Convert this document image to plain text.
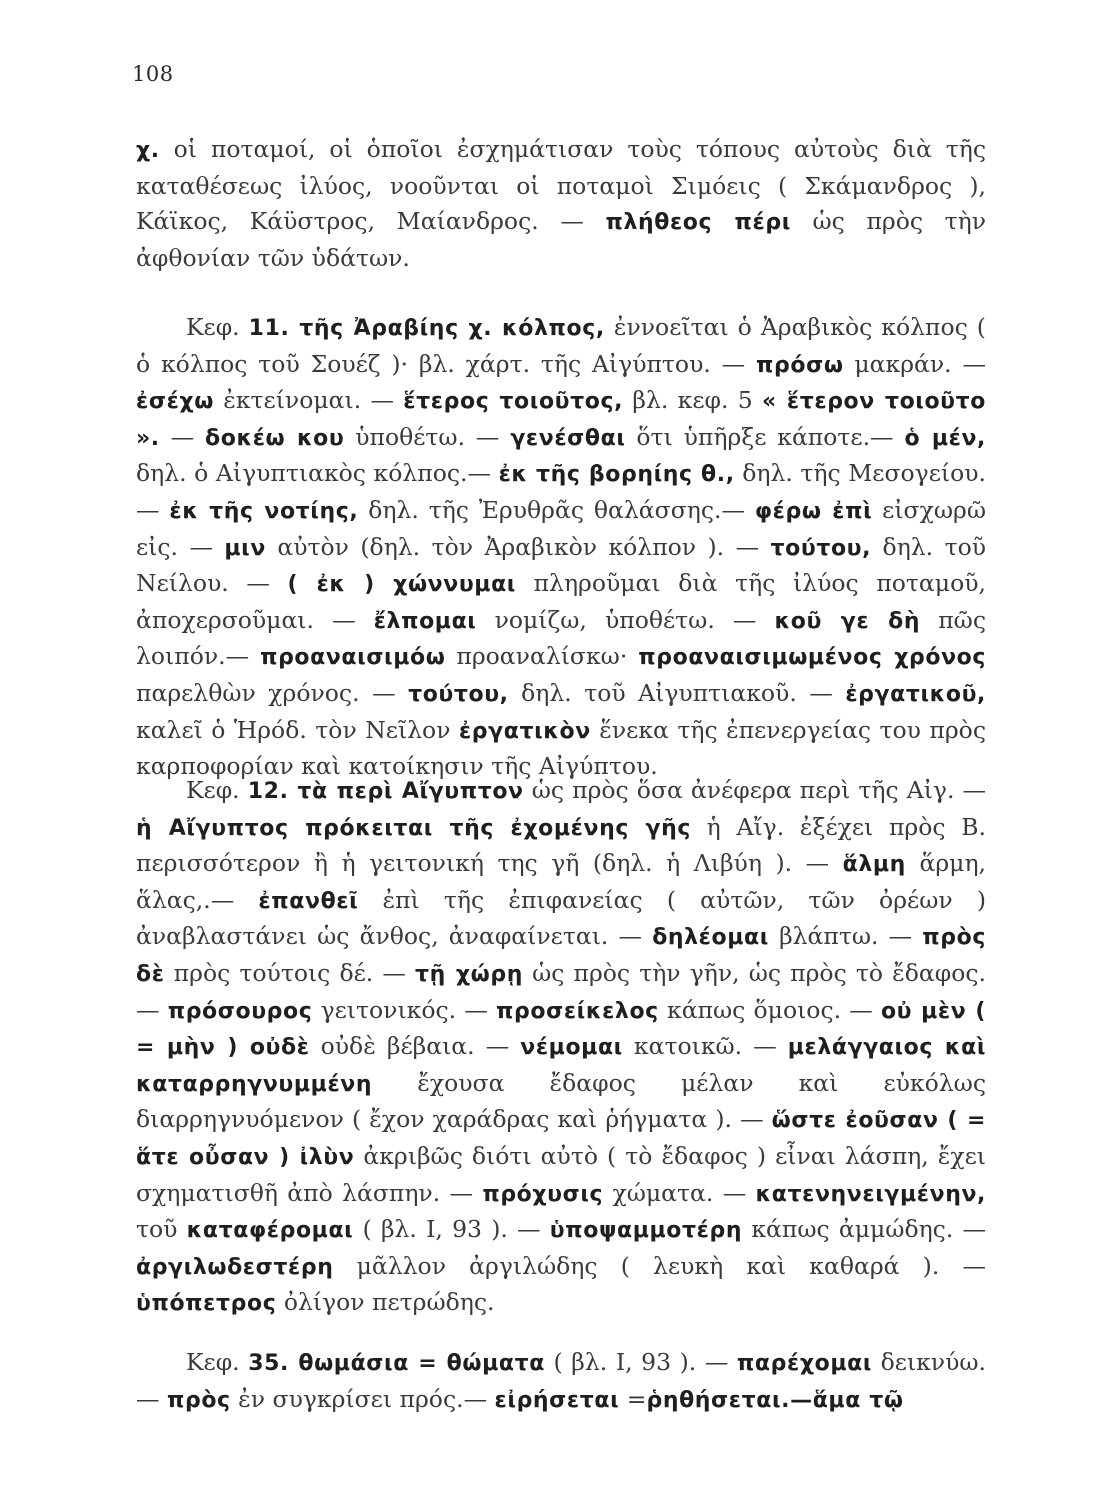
108

χ. οἱ ποταμοί, οἱ ὁποῖοι ἐσχημάτισαν τοὺς τόπους αὐτοὺς διὰ τῆς καταθέσεως ἰλύος, νοοῦνται οἱ ποταμοὶ Σιμόεις ( Σκάμανδρος ), Κάϊκος, Κάϋστρος, Μαίανδρος. — πλήθεος πέρι ὡς πρὸς τὴν ἀφθονίαν τῶν ὑδάτων.

Κεφ. 11. τῆς Ἀραβίης χ. κόλπος, ἐννοεῖται ὁ Ἀραβικὸς κόλπος ( ὁ κόλπος τοῦ Σουέζ )· βλ. χάρτ. τῆς Αἰγύπτου. — πρόσω μακράν. — ἐσέχω ἐκτείνομαι. — ἕτερος τοιοῦτος, βλ. κεφ. 5 « ἕτερον τοιοῦτο ». — δοκέω κου ὑποθέτω. — γενέσθαι ὅτι ὑπῆρξε κάποτε.— ὁ μέν, δηλ. ὁ Αἰγυπτιακὸς κόλπος.— ἐκ τῆς βορηίης θ., δηλ. τῆς Μεσογείου. — ἐκ τῆς νοτίης, δηλ. τῆς Ἐρυθρᾶς θαλάσσης.— φέρω ἐπὶ εἰσχωρῶ εἰς. — μιν αὐτὸν (δηλ. τὸν Ἀραβικὸν κόλπον ). — τούτου, δηλ. τοῦ Νείλου. — ( ἐκ ) χώννυμαι πληροῦμαι διὰ τῆς ἰλύος ποταμοῦ, ἀποχερσοῦμαι. — ἔλπομαι νομίζω, ὑποθέτω. — κοῦ γε δὴ πῶς λοιπόν.— προαναισιμόω προαναλίσκω· προαναισιμωμένος χρόνος παρελθὼν χρόνος. — τούτου, δηλ. τοῦ Αἰγυπτιακοῦ. — ἐργατικοῦ, καλεῖ ὁ Ἡρόδ. τὸν Νεῖλον ἐργατικὸν ἕνεκα τῆς ἐπενεργείας του πρὸς καρποφορίαν καὶ κατοίκησιν τῆς Αἰγύπτου.

Κεφ. 12. τὰ περὶ Αἴγυπτον ὡς πρὸς ὅσα ἀνέφερα περὶ τῆς Αἰγ. — ἡ Αἴγυπτος πρόκειται τῆς ἐχομένης γῆς ἡ Αἴγ. ἐξέχει πρὸς Β. περισσότερον ἢ ἡ γειτονική της γῆ (δηλ. ἡ Λιβύη ). — ἅλμη ἅρμη, ἅλας,.— ἐπανθεῖ ἐπὶ τῆς ἐπιφανείας ( αὐτῶν, τῶν ὀρέων ) ἀναβλαστάνει ὡς ἄνθος, ἀναφαίνεται. — δηλέομαι βλάπτω. — πρὸς δὲ πρὸς τούτοις δέ. — τῇ χώρῃ ὡς πρὸς τὴν γῆν, ὡς πρὸς τὸ ἔδαφος. — πρόσουρος γειτονικός. — προσείκελος κάπως ὅμοιος. — οὐ μὲν ( = μὴν ) οὐδὲ οὐδὲ βέβαια. — νέμομαι κατοικῶ. — μελάγγαιος καὶ καταρρηγνυμμένη ἔχουσα ἔδαφος μέλαν καὶ εὐκόλως διαρρηγνυόμενον ( ἔχον χαράδρας καὶ ῥήγματα ). — ὥστε ἐοῦσαν ( = ἅτε οὖσαν ) ἰλὺν ἀκριβῶς διότι αὐτὸ ( τὸ ἔδαφος ) εἶναι λάσπη, ἔχει σχηματισθῆ ἀπὸ λάσπην. — πρόχυσις χώματα. — κατενηνειγμένην, τοῦ καταφέρομαι ( βλ. I, 93 ). — ὑποψαμμοτέρη κάπως ἀμμώδης. — ἀργιλωδεστέρη μᾶλλον ἀργιλώδης ( λευκὴ καὶ καθαρά ). — ὑπόπετρος ὀλίγον πετρώδης.

Κεφ. 35. θωμάσια = θώματα ( βλ. I, 93 ). — παρέχομαι δεικνύω. — πρὸς ἐν συγκρίσει πρός.— εἰρήσεται =ῥηθήσεται.—ἅμα τῷ
